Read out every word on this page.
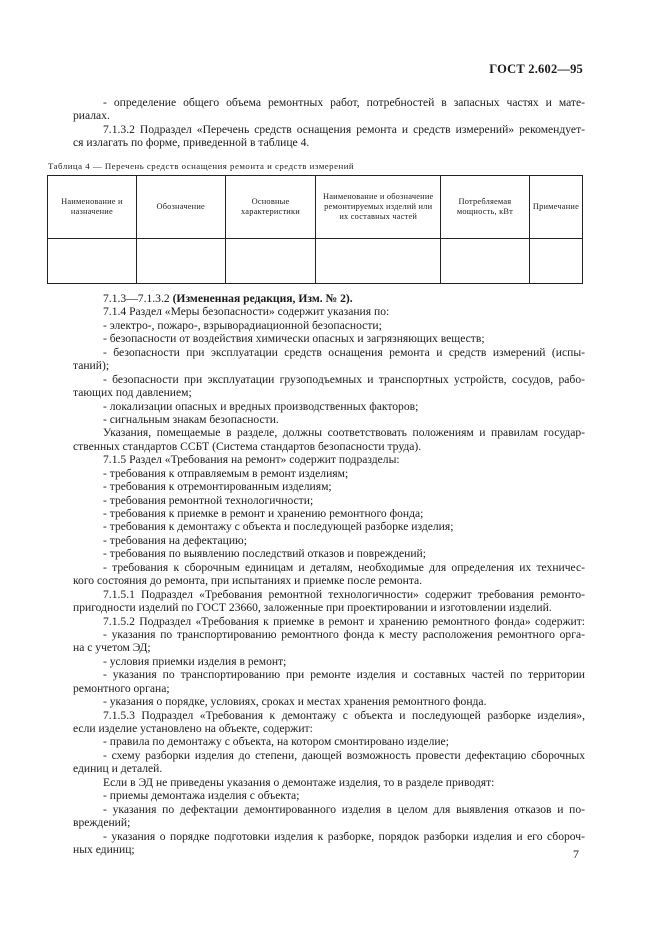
ГОСТ 2.602—95
- определение общего объема ремонтных работ, потребностей в запасных частях и мате-
риалах.
7.1.3.2 Подраздел «Перечень средств оснащения ремонта и средств измерений» рекомендует-
ся излагать по форме, приведенной в таблице 4.
Таблица 4 — Перечень средств оснащения ремонта и средств измерений
Наименование и назначение	Обозначение	Основные характеристики	Наименование и обозначение ремонтируемых изделий или их составных частей	Потребляемая мощность, кВт	Примечание

7.1.3—7.1.3.2 (Измененная редакция, Изм. № 2).
7.1.4 Раздел «Меры безопасности» содержит указания по:
- электро-, пожаро-, взрыворадиационной безопасности;
- безопасности от воздействия химически опасных и загрязняющих веществ;
- безопасности при эксплуатации средств оснащения ремонта и средств измерений (испы-
таний);
- безопасности при эксплуатации грузоподъемных и транспортных устройств, сосудов, рабо-
тающих под давлением;
- локализации опасных и вредных производственных факторов;
- сигнальным знакам безопасности.
Указания, помещаемые в разделе, должны соответствовать положениям и правилам государ-
ственных стандартов ССБТ (Система стандартов безопасности труда).
7.1.5 Раздел «Требования на ремонт» содержит подразделы:
- требования к отправляемым в ремонт изделиям;
- требования к отремонтированным изделиям;
- требования ремонтной технологичности;
- требования к приемке в ремонт и хранению ремонтного фонда;
- требования к демонтажу с объекта и последующей разборке изделия;
- требования на дефектацию;
- требования по выявлению последствий отказов и повреждений;
- требования к сборочным единицам и деталям, необходимые для определения их техничес-
кого состояния до ремонта, при испытаниях и приемке после ремонта.
7.1.5.1 Подраздел «Требования ремонтной технологичности» содержит требования ремонто-
пригодности изделий по ГОСТ 23660, заложенные при проектировании и изготовлении изделий.
7.1.5.2 Подраздел «Требования к приемке в ремонт и хранению ремонтного фонда» содержит:
- указания по транспортированию ремонтного фонда к месту расположения ремонтного орга-
на с учетом ЭД;
- условия приемки изделия в ремонт;
- указания по транспортированию при ремонте изделия и составных частей по территории
ремонтного органа;
- указания о порядке, условиях, сроках и местах хранения ремонтного фонда.
7.1.5.3 Подраздел «Требования к демонтажу с объекта и последующей разборке изделия»,
если изделие установлено на объекте, содержит:
- правила по демонтажу с объекта, на котором смонтировано изделие;
- схему разборки изделия до степени, дающей возможность провести дефектацию сборочных
единиц и деталей.
Если в ЭД не приведены указания о демонтаже изделия, то в разделе приводят:
- приемы демонтажа изделия с объекта;
- указания по дефектации демонтированного изделия в целом для выявления отказов и по-
вреждений;
- указания о порядке подготовки изделия к разборке, порядок разборки изделия и его сбороч-
ных единиц;	7
